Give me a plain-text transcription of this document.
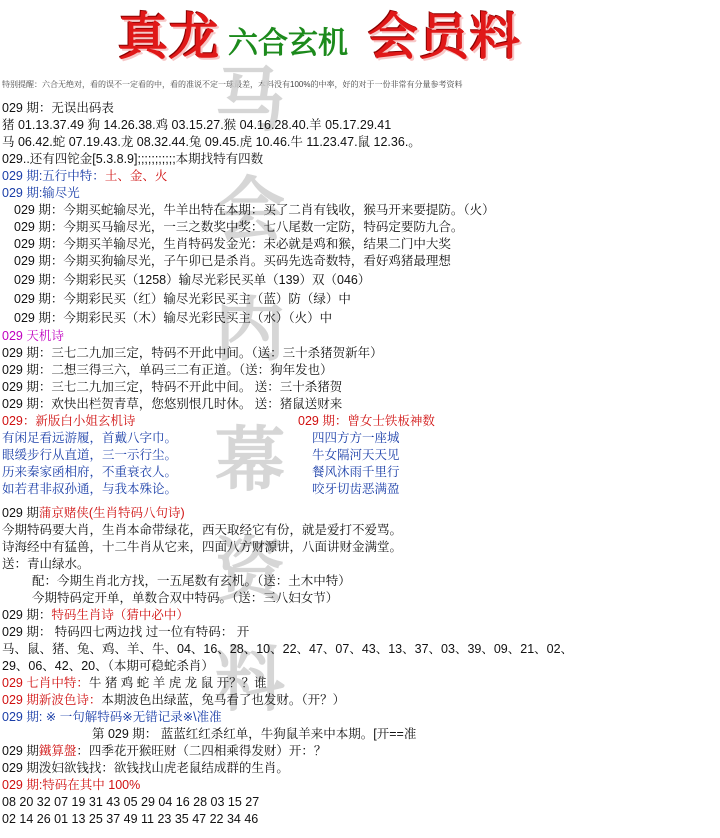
真龙 六合玄机 会员料
特别提醒：六合无绝对，看的误不一定看的中，看的准说不定一球最差，本料没有100%的中率，好的对于一份非常有分量参考资料
马
会
内
幕
资
料
029 期：无误出码表
猪 01.13.37.49 狗 14.26.38.鸡 03.15.27.猴 04.16.28.40.羊 05.17.29.41
马 06.42.蛇 07.19.43.龙 08.32.44.兔 09.45.虎 10.46.牛 11.23.47.鼠 12.36.。
029..还有四铊金[5.3.8.9];;;;;;;;;;;本期找特有四数
029 期:五行中特：土、金、火
029 期:输尽光
029 期：今期买蛇输尽光，牛羊出特在本期：买了二肖有钱收，猴马开来要提防。（火）
029 期：今期买马输尽光，一三之数奖中奖：七八尾数一定防，特码定要防九合。
029 期：今期买羊输尽光，生肖特码发金光：未必就是鸡和猴，结果二门中大奖
029 期：今期买狗输尽光，子午卯已是杀肖。买码先选奇数特，看好鸡猪最理想
029 期：今期彩民买（1258）输尽光彩民买单（139）双（046）
029 期：今期彩民买（红）输尽光彩民买主（蓝）防（绿）中
029 期：今期彩民买（木）输尽光彩民买主（水）（火）中
029 天机诗
029 期：三七二九加三定，特码不开此中间。（送：三十杀猪贺新年）
029 期：二想三得三六，单码三二有正道。（送：狗年发也）
029 期：三七二九加三定，特码不开此中间。 送：三十杀猪贺
029 期：欢快出栏贺青草，您悠别恨几时休。 送：猪鼠送财来
029：新版白小姐玄机诗	029 期：曾女士铁板神数
有闲足看远游履，首戴八字巾。	四四方方一座城
眼缓步行从直道，三一示行尘。	牛女隔河天天见
历来秦家函相府，不重衰衣人。	餐风沐雨千里行
如若君非叔孙通，与我本殊论。	咬牙切齿恶满盈
029 期蒲京赌侠(生肖特码八句诗)
今期特码要大肖，生肖本命带绿花，西天取经它有份，就是爱打不爱骂。
诗海经中有猛兽，十二牛肖从它来，四面八方财源讲，八面讲财金满堂。
送：青山绿水。
配：今期生肖北方找，一五尾数有玄机。（送：土木中特）
今期特码定开单，单数合双中特码。（送：三八妇女节）
029 期：特码生肖诗（猜中必中）
029 期： 特码四七两边找 过一位有特码： 开
马、鼠、猪、兔、鸡、羊、牛、04、16、28、10、22、47、07、43、13、37、03、39、09、21、02、
29、06、42、20、（本期可稳蛇杀肖）
029 七肖中特：牛 猪 鸡 蛇 羊 虎 龙 鼠 开？？谁
029 期新波色诗：本期波色出绿蓝，兔马看了也发财。（开？）
029 期: ※ 一句解特码※无错记录※\准准
第 029 期： 蓝蓝红红杀红单，牛狗鼠羊来中本期。[开==准
029 期鐵算盤：四季花开猴旺财（二四相乘得发财）开：？
029 期泼妇欲钱找：欲钱找山虎老鼠结成群的生肖。
029 期:特码在其中 100%
08 20 32 07 19 31 43 05 29 04 16 28 03 15 27
02 14 26 01 13 25 37 49 11 23 35 47 22 34 46
